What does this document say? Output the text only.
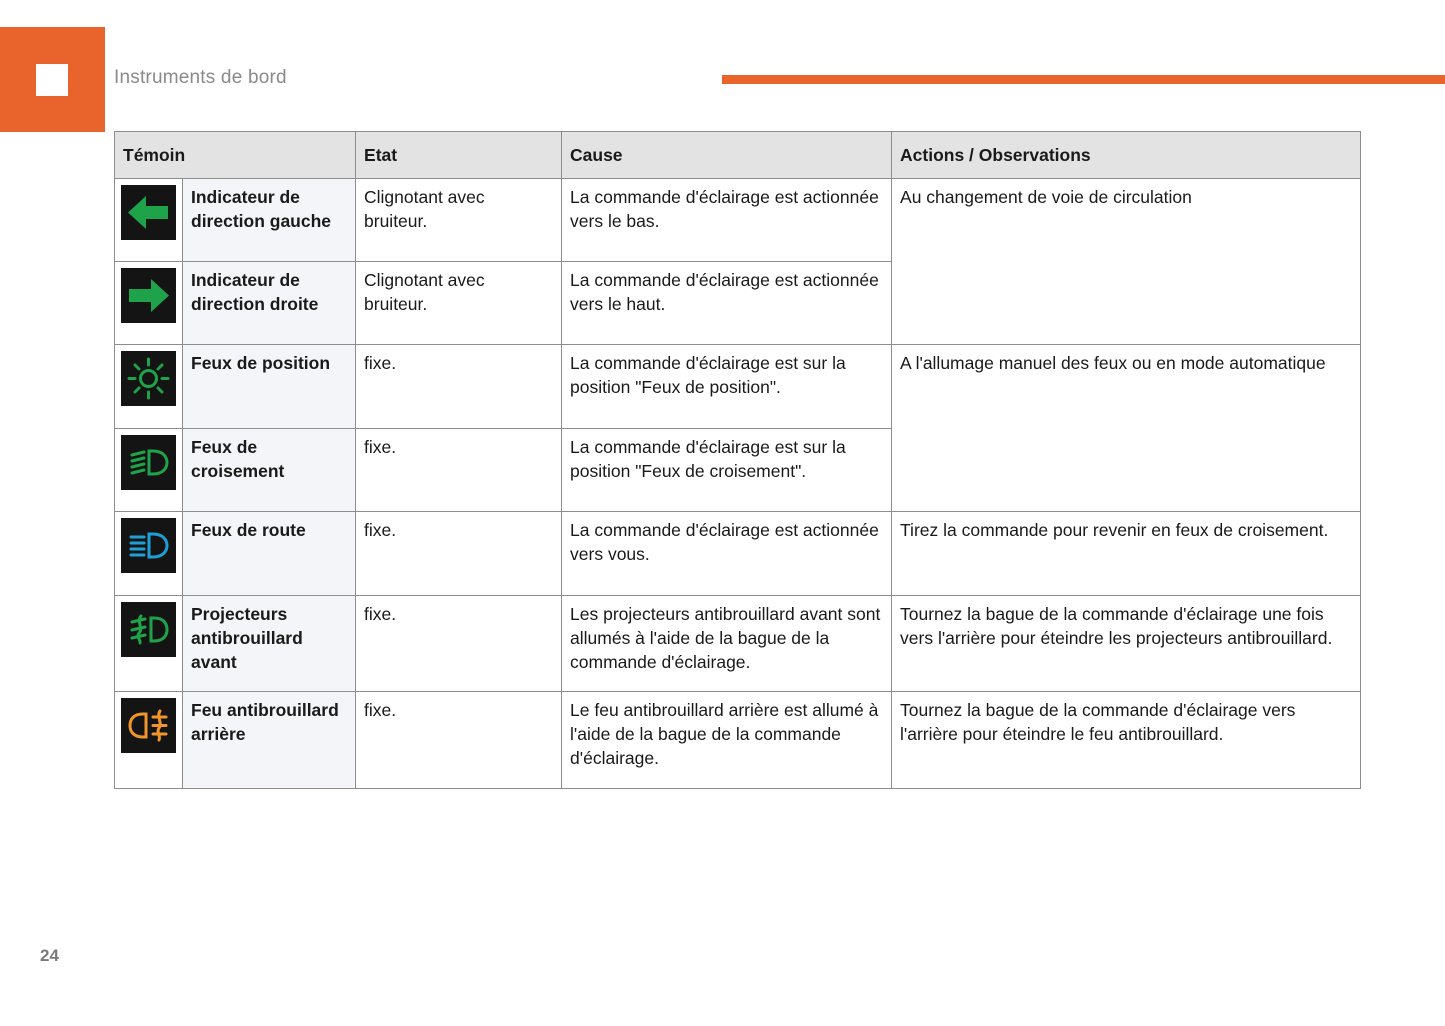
Instruments de bord
Témoin		Etat	Cause	Actions / Observations

	Indicateur de direction gauche	Clignotant avec bruiteur.	La commande d'éclairage est actionnée vers le bas.	Au changement de voie de circulation

	Indicateur de direction droite	Clignotant avec bruiteur.	La commande d'éclairage est actionnée vers le haut.	

	Feux de position	fixe.	La commande d'éclairage est sur la position "Feux de position".	A l'allumage manuel des feux ou en mode automatique

	Feux de croisement	fixe.	La commande d'éclairage est sur la position "Feux de croisement".	

	Feux de route	fixe.	La commande d'éclairage est actionnée vers vous.	Tirez la commande pour revenir en feux de croisement.

	Projecteurs antibrouillard avant	fixe.	Les projecteurs antibrouillard avant sont allumés à l'aide de la bague de la commande d'éclairage.	Tournez la bague de la commande d'éclairage une fois vers l'arrière pour éteindre les projecteurs antibrouillard.

	Feu antibrouillard arrière	fixe.	Le feu antibrouillard arrière est allumé à l'aide de la bague de la commande d'éclairage.	Tournez la bague de la commande d'éclairage vers l'arrière pour éteindre le feu antibrouillard.
24
